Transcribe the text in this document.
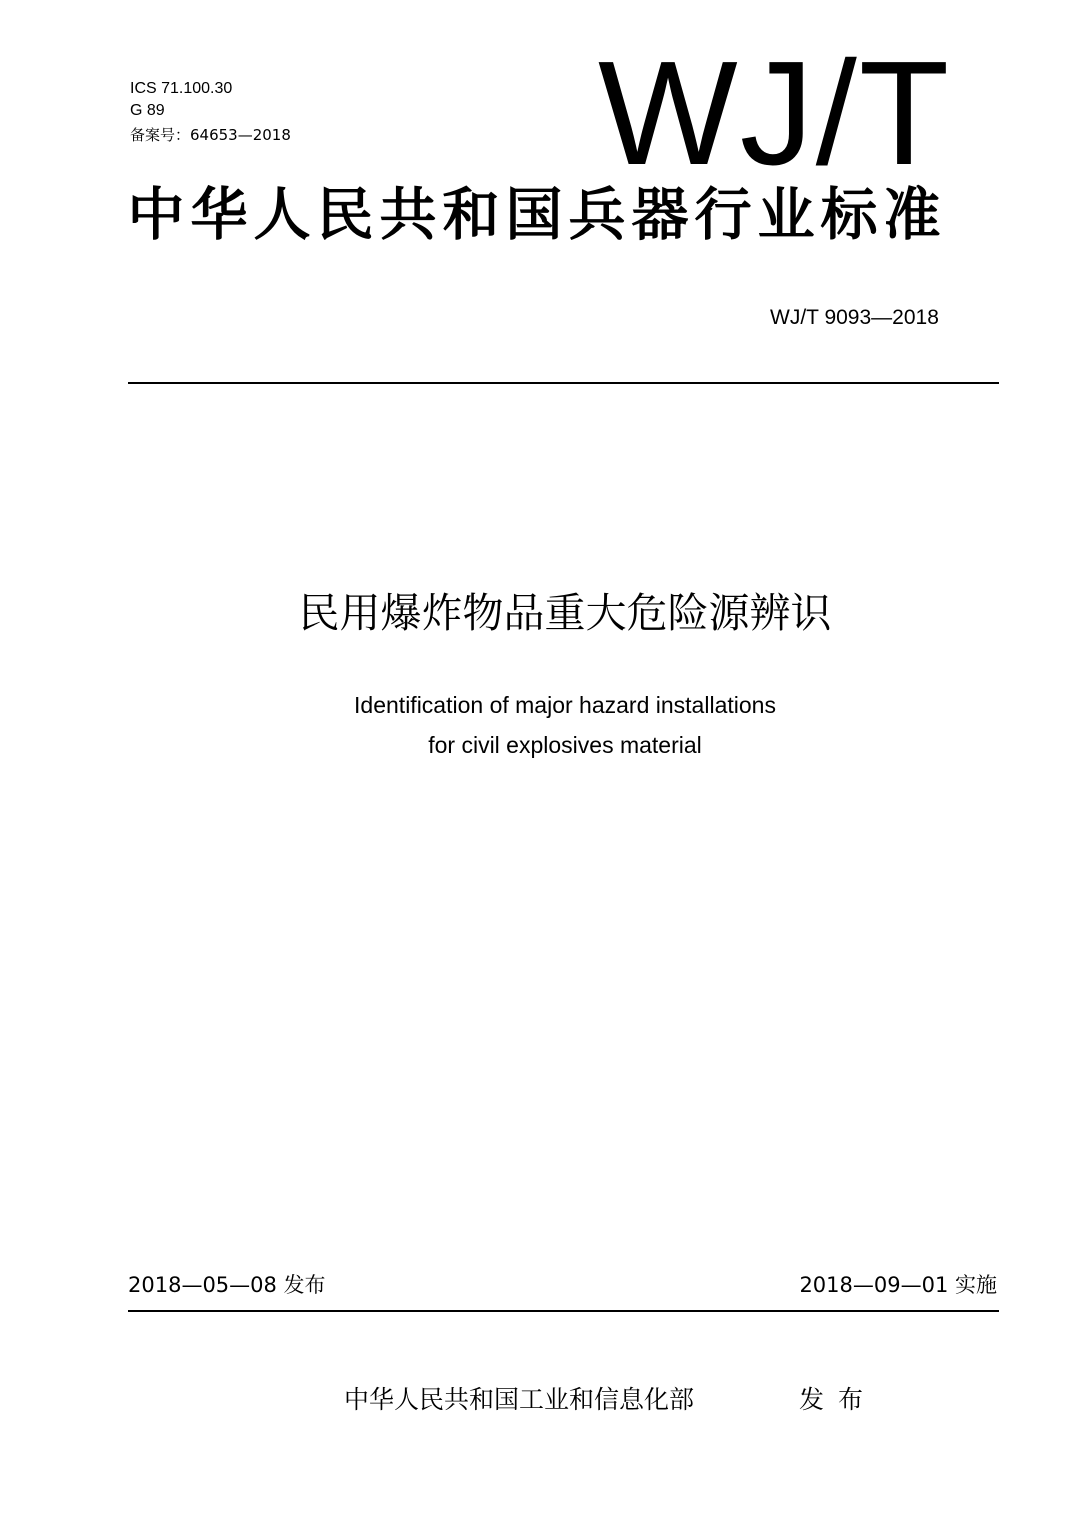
ICS 71.100.30
G 89
备案号：64653—2018 WJ/T
中华人民共和国兵器行业标准
WJ/T 9093—2018
民用爆炸物品重大危险源辨识
Identification of major hazard installations
for civil explosives material
2018—05—08 发布	2018—09—01 实施
中华人民共和国工业和信息化部	发布
